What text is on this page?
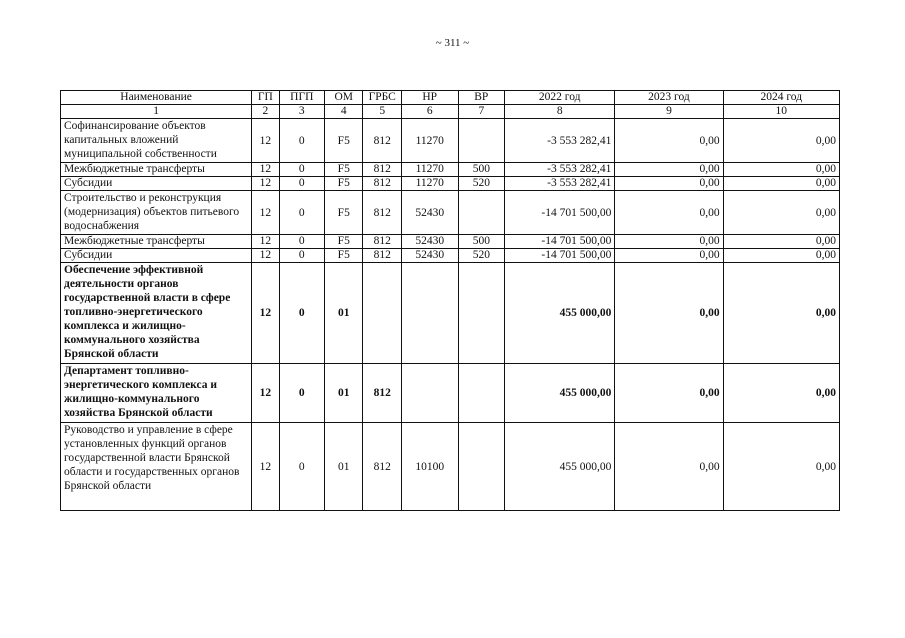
~ 311 ~
Наименование	ГП	ПГП	ОМ	ГРБС	НР	ВР	2022 год	2023 год	2024 год
1	2	3	4	5	6	7	8	9	10
Софинансирование объектов капитальных вложений муниципальной собственности	12	0	F5	812	11270		-3 553 282,41	0,00	0,00
Межбюджетные трансферты	12	0	F5	812	11270	500	-3 553 282,41	0,00	0,00
Субсидии	12	0	F5	812	11270	520	-3 553 282,41	0,00	0,00
Строительство и реконструкция (модернизация) объектов питьевого водоснабжения	12	0	F5	812	52430		-14 701 500,00	0,00	0,00
Межбюджетные трансферты	12	0	F5	812	52430	500	-14 701 500,00	0,00	0,00
Субсидии	12	0	F5	812	52430	520	-14 701 500,00	0,00	0,00
Обеспечение эффективной деятельности органов государственной власти в сфере топливно-энергетического комплекса и жилищно-коммунального хозяйства Брянской области	12	0	01				455 000,00	0,00	0,00
Департамент топливно-энергетического комплекса и жилищно-коммунального хозяйства Брянской области	12	0	01	812			455 000,00	0,00	0,00
Руководство и управление в сфере установленных функций органов государственной власти Брянской области и государственных органов Брянской области	12	0	01	812	10100		455 000,00	0,00	0,00
